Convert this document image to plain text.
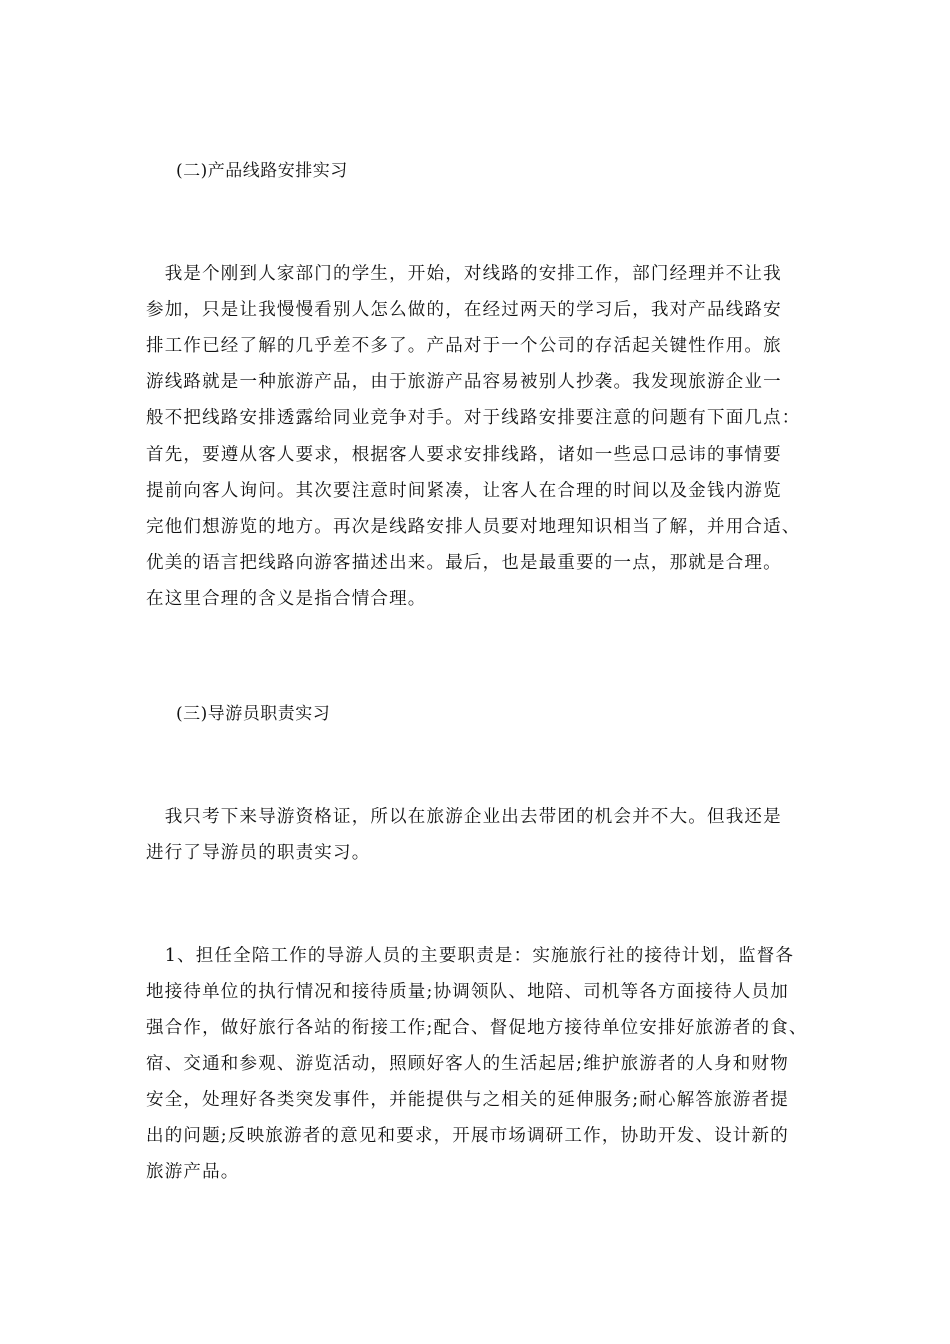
(二)产品线路安排实习
　我是个刚到人家部门的学生，开始，对线路的安排工作，部门经理并不让我
参加，只是让我慢慢看别人怎么做的，在经过两天的学习后，我对产品线路安
排工作已经了解的几乎差不多了。产品对于一个公司的存活起关键性作用。旅
游线路就是一种旅游产品，由于旅游产品容易被别人抄袭。我发现旅游企业一
般不把线路安排透露给同业竞争对手。对于线路安排要注意的问题有下面几点：
首先，要遵从客人要求，根据客人要求安排线路，诸如一些忌口忌讳的事情要
提前向客人询问。其次要注意时间紧凑，让客人在合理的时间以及金钱内游览
完他们想游览的地方。再次是线路安排人员要对地理知识相当了解，并用合适、
优美的语言把线路向游客描述出来。最后，也是最重要的一点，那就是合理。
在这里合理的含义是指合情合理。
(三)导游员职责实习
　我只考下来导游资格证，所以在旅游企业出去带团的机会并不大。但我还是
进行了导游员的职责实习。
　1、担任全陪工作的导游人员的主要职责是：实施旅行社的接待计划，监督各
地接待单位的执行情况和接待质量;协调领队、地陪、司机等各方面接待人员加
强合作，做好旅行各站的衔接工作;配合、督促地方接待单位安排好旅游者的食、
宿、交通和参观、游览活动，照顾好客人的生活起居;维护旅游者的人身和财物
安全，处理好各类突发事件，并能提供与之相关的延伸服务;耐心解答旅游者提
出的问题;反映旅游者的意见和要求，开展市场调研工作，协助开发、设计新的
旅游产品。
